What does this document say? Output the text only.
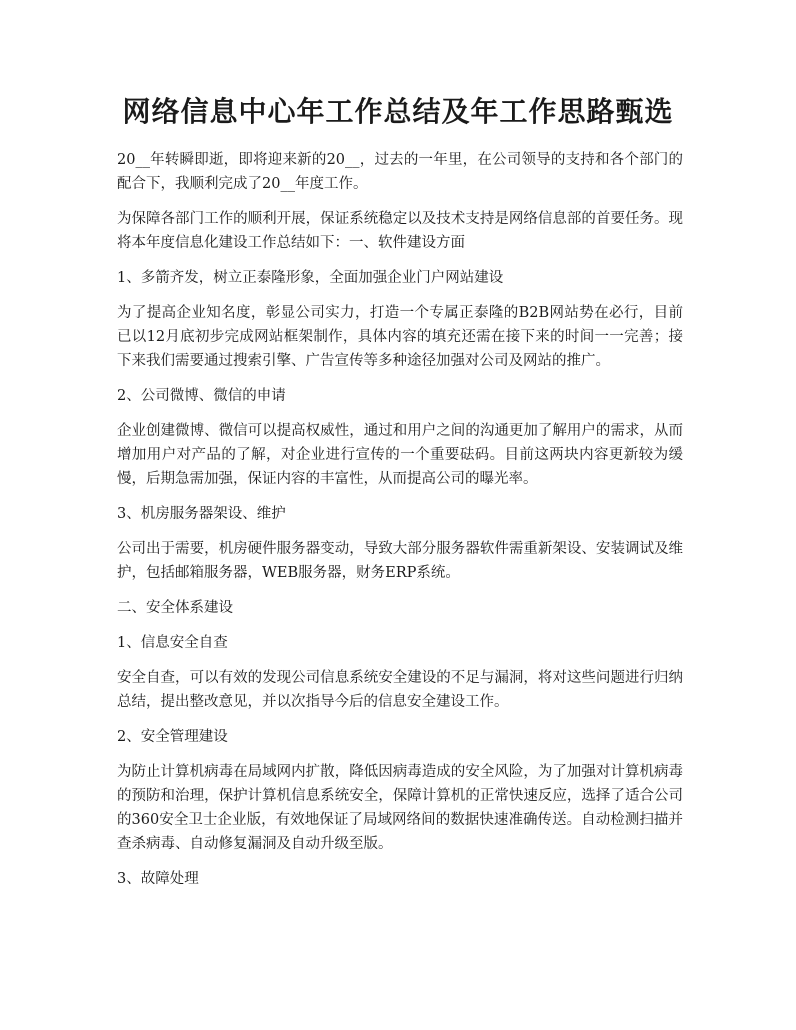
网络信息中心年工作总结及年工作思路甄选

20__年转瞬即逝，即将迎来新的20__，过去的一年里，在公司领导的支持和各个部门的配合下，我顺利完成了20__年度工作。

为保障各部门工作的顺利开展，保证系统稳定以及技术支持是网络信息部的首要任务。现将本年度信息化建设工作总结如下：一、软件建设方面

1、多箭齐发，树立正泰隆形象，全面加强企业门户网站建设

为了提高企业知名度，彰显公司实力，打造一个专属正泰隆的B2B网站势在必行，目前已以12月底初步完成网站框架制作，具体内容的填充还需在接下来的时间一一完善；接下来我们需要通过搜索引擎、广告宣传等多种途径加强对公司及网站的推广。

2、公司微博、微信的申请

企业创建微博、微信可以提高权威性，通过和用户之间的沟通更加了解用户的需求，从而增加用户对产品的了解，对企业进行宣传的一个重要砝码。目前这两块内容更新较为缓慢，后期急需加强，保证内容的丰富性，从而提高公司的曝光率。

3、机房服务器架设、维护

公司出于需要，机房硬件服务器变动，导致大部分服务器软件需重新架设、安装调试及维护，包括邮箱服务器，WEB服务器，财务ERP系统。

二、安全体系建设

1、信息安全自查

安全自查，可以有效的发现公司信息系统安全建设的不足与漏洞，将对这些问题进行归纳总结，提出整改意见，并以次指导今后的信息安全建设工作。

2、安全管理建设

为防止计算机病毒在局域网内扩散，降低因病毒造成的安全风险，为了加强对计算机病毒的预防和治理，保护计算机信息系统安全，保障计算机的正常快速反应，选择了适合公司的360安全卫士企业版，有效地保证了局域网络间的数据快速准确传送。自动检测扫描并查杀病毒、自动修复漏洞及自动升级至版。

3、故障处理
